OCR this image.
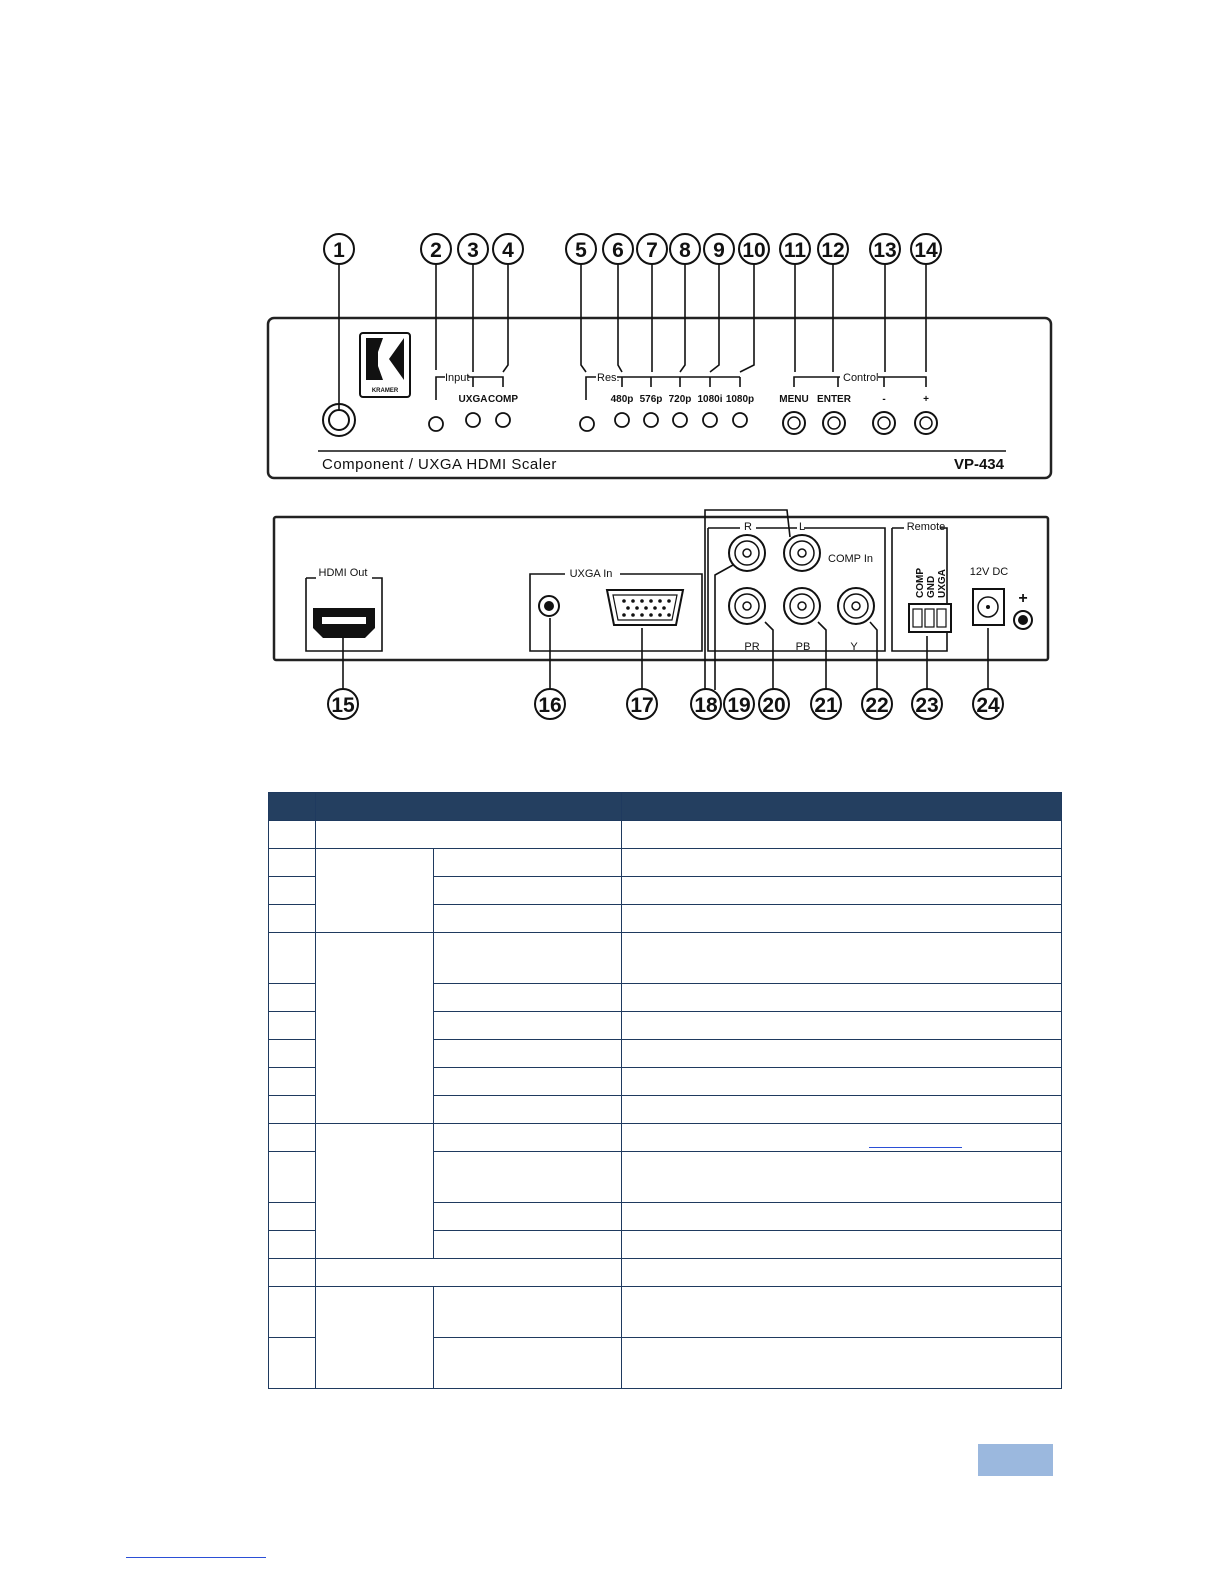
KRAMER
Input
UXGA COMP
Res.
480p 576p 720p 1080i 1080p
Control
MENU ENTER	-	+
Component / UXGA HDMI Scaler	VP-434
1	2 3 4	5 6 7 8 9 10 11 12 13 14
HDMI Out	UXGA In
R	L
COMP In
PR	PB	Y
Remote
COMP GND UXGA 12V DC
+
15	16	17 18 19 20 21 22 23 24
